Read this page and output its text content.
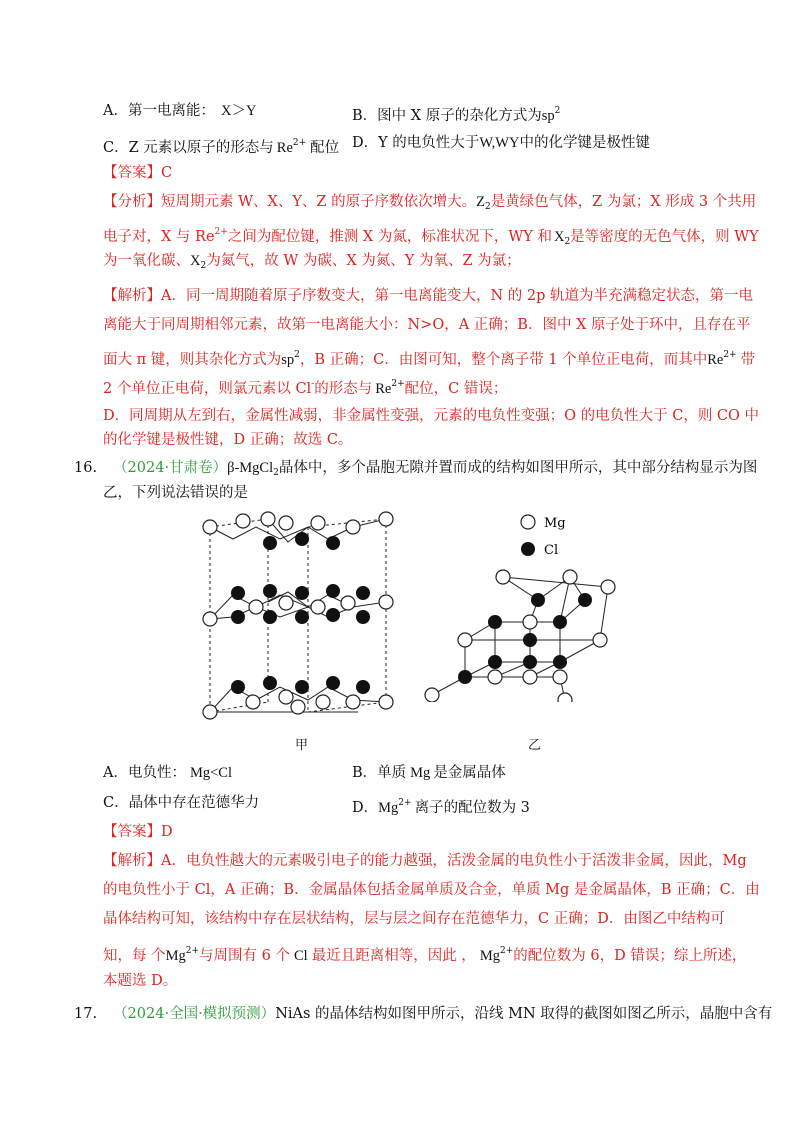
A．第一电离能： X＞Y	B．图中 X 原子的杂化方式为$sp^2$
C．Z 元素以原子的形态与 $Re^{2+}$ 配位 D．Y 的电负性大于W,WY中的化学键是极性键
【答案】C
【分析】短周期元素 W、X、Y、Z 的原子序数依次增大。$Z_2$是黄绿色气体，Z 为氯；X 形成 3 个共用
电子对，X 与 $Re^{2+}$之间为配位键，推测 X 为氮，标准状况下，WY 和 $X_2$是等密度的无色气体，则 WY
为一氧化碳、$X_2$为氮气，故 W 为碳、X 为氮、Y 为氧、Z 为氯；
【解析】A．同一周期随着原子序数变大，第一电离能变大，N 的 2p 轨道为半充满稳定状态，第一电
离能大于同周期相邻元素，故第一电离能大小：N>O，A 正确；B．图中 X 原子处于环中，且存在平
面大 π 键，则其杂化方式为$sp^2$，B 正确；C．由图可知，整个离子带 1 个单位正电荷，而其中$Re^{2+}$ 带
2 个单位正电荷，则氯元素以 Cl-的形态与 $Re^{2+}$配位，C 错误；
D．同周期从左到右，金属性减弱，非金属性变强，元素的电负性变强；O 的电负性大于 C，则 CO 中
的化学键是极性键，D 正确；故选 C。
16. （2024·甘肃卷）β-MgCl$_2$晶体中，多个晶胞无隙并置而成的结构如图甲所示，其中部分结构显示为图
乙，下列说法错误的是
Mg
Cl
甲	乙
A．电负性： Mg<Cl	B．单质 Mg 是金属晶体
C．晶体中存在范德华力	D．$Mg^{2+}$ 离子的配位数为 3
【答案】D
【解析】A．电负性越大的元素吸引电子的能力越强，活泼金属的电负性小于活泼非金属，因此，Mg
的电负性小于 Cl，A 正确；B．金属晶体包括金属单质及合金，单质 Mg 是金属晶体，B 正确；C．由
晶体结构可知，该结构中存在层状结构，层与层之间存在范德华力，C 正确；D．由图乙中结构可
知，每 个$Mg^{2+}$与周围有 6 个 Cl 最近且距离相等，因此 ， $Mg^{2+}$的配位数为 6，D 错误；综上所述，
本题选 D。
17. （2024·全国·模拟预测）NiAs 的晶体结构如图甲所示，沿线 MN 取得的截图如图乙所示，晶胞中含有
